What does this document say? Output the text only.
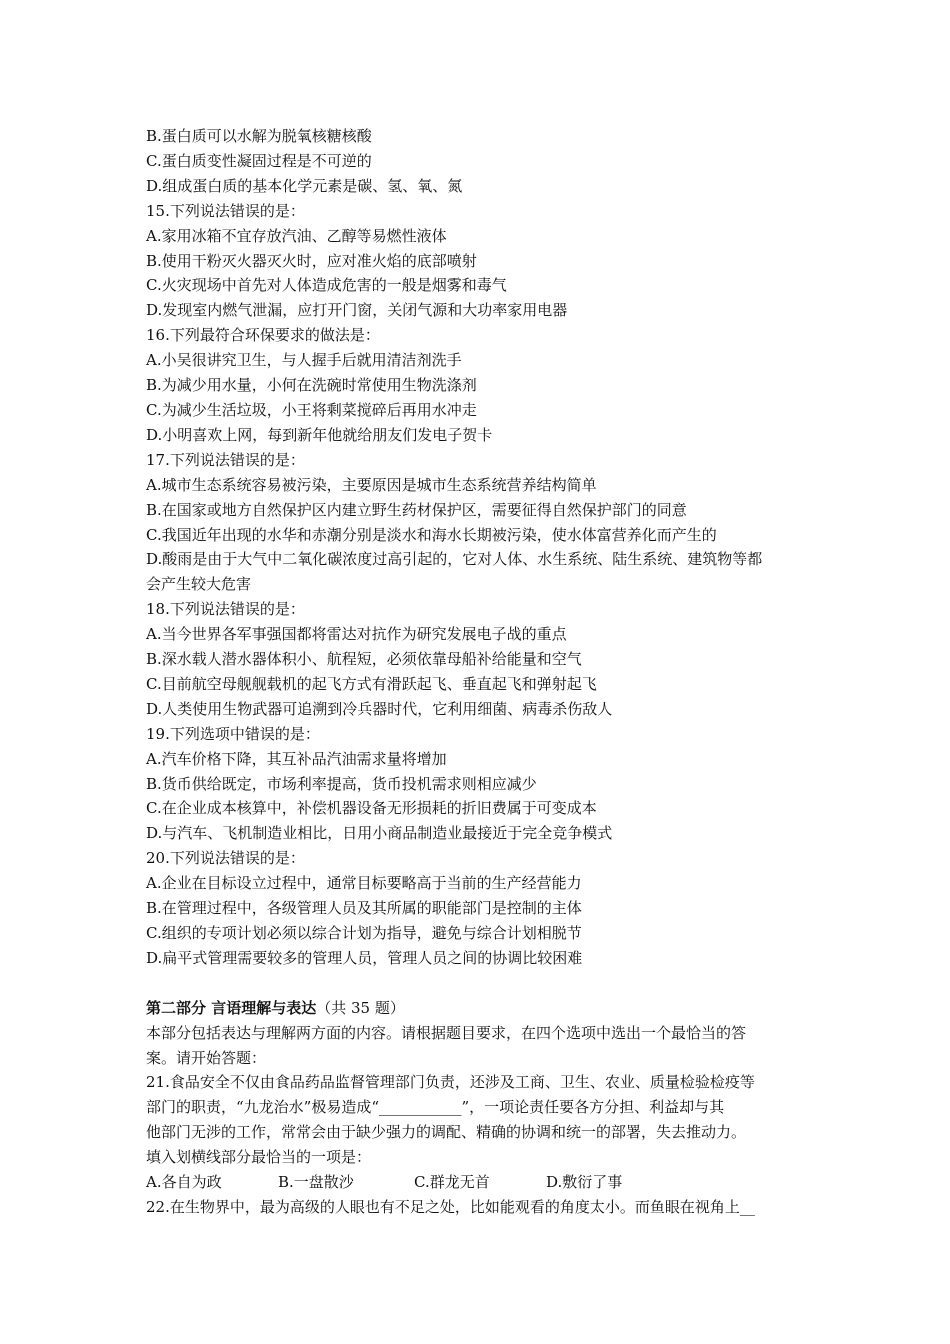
B.蛋白质可以水解为脱氧核糖核酸
C.蛋白质变性凝固过程是不可逆的
D.组成蛋白质的基本化学元素是碳、氢、氧、氮
15.下列说法错误的是：
A.家用冰箱不宜存放汽油、乙醇等易燃性液体
B.使用干粉灭火器灭火时，应对准火焰的底部喷射
C.火灾现场中首先对人体造成危害的一般是烟雾和毒气
D.发现室内燃气泄漏，应打开门窗，关闭气源和大功率家用电器
16.下列最符合环保要求的做法是：
A.小吴很讲究卫生，与人握手后就用清洁剂洗手
B.为减少用水量，小何在洗碗时常使用生物洗涤剂
C.为减少生活垃圾，小王将剩菜搅碎后再用水冲走
D.小明喜欢上网，每到新年他就给朋友们发电子贺卡
17.下列说法错误的是：
A.城市生态系统容易被污染，主要原因是城市生态系统营养结构简单
B.在国家或地方自然保护区内建立野生药材保护区，需要征得自然保护部门的同意
C.我国近年出现的水华和赤潮分别是淡水和海水长期被污染，使水体富营养化而产生的
D.酸雨是由于大气中二氧化碳浓度过高引起的，它对人体、水生系统、陆生系统、建筑物等都
会产生较大危害
18.下列说法错误的是：
A.当今世界各军事强国都将雷达对抗作为研究发展电子战的重点
B.深水载人潜水器体积小、航程短，必须依靠母船补给能量和空气
C.目前航空母舰舰载机的起飞方式有滑跃起飞、垂直起飞和弹射起飞
D.人类使用生物武器可追溯到冷兵器时代，它利用细菌、病毒杀伤敌人
19.下列选项中错误的是：
A.汽车价格下降，其互补品汽油需求量将增加
B.货币供给既定，市场利率提高，货币投机需求则相应减少
C.在企业成本核算中，补偿机器设备无形损耗的折旧费属于可变成本
D.与汽车、飞机制造业相比，日用小商品制造业最接近于完全竞争模式
20.下列说法错误的是：
A.企业在目标设立过程中，通常目标要略高于当前的生产经营能力
B.在管理过程中，各级管理人员及其所属的职能部门是控制的主体
C.组织的专项计划必须以综合计划为指导，避免与综合计划相脱节
D.扁平式管理需要较多的管理人员，管理人员之间的协调比较困难
第二部分 言语理解与表达（共 35 题）
本部分包括表达与理解两方面的内容。请根据题目要求，在四个选项中选出一个最恰当的答
案。请开始答题：
21.食品安全不仅由食品药品监督管理部门负责，还涉及工商、卫生、农业、质量检验检疫等
部门的职责，“九龙治水”极易造成“___________”，一项论责任要各方分担、利益却与其
他部门无涉的工作，常常会由于缺少强力的调配、精确的协调和统一的部署，失去推动力。
填入划横线部分最恰当的一项是：
A.各自为政	B.一盘散沙	C.群龙无首	D.敷衍了事
22.在生物界中，最为高级的人眼也有不足之处，比如能观看的角度太小。而鱼眼在视角上__
